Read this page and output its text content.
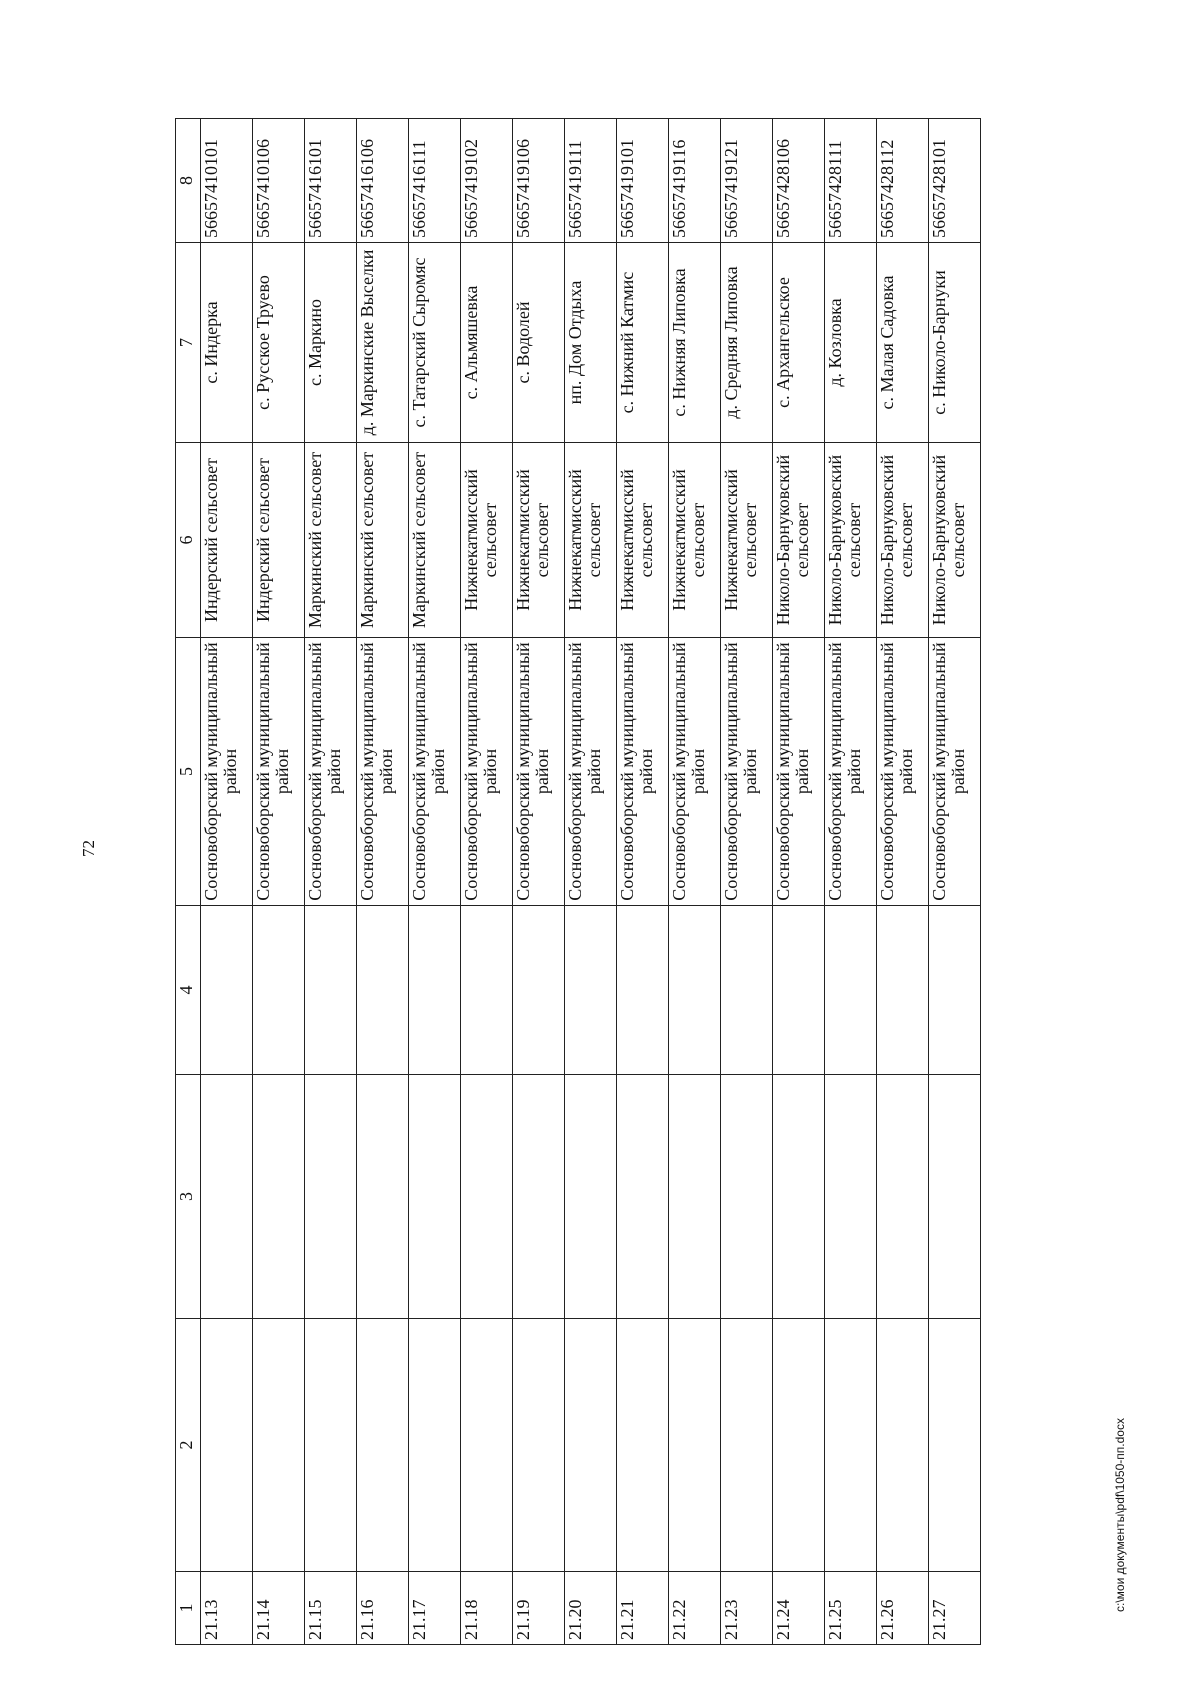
72
1	2	3	4	5	6	7	8
21.13				Сосновоборский муниципальный район	Индерский сельсовет	с. Индерка	56657410101
21.14				Сосновоборский муниципальный район	Индерский сельсовет	с. Русское Труево	56657410106
21.15				Сосновоборский муниципальный район	Маркинский сельсовет	с. Маркино	56657416101
21.16				Сосновоборский муниципальный район	Маркинский сельсовет	д. Маркинские Выселки	56657416106
21.17				Сосновоборский муниципальный район	Маркинский сельсовет	с. Татарский Сыромяс	56657416111
21.18				Сосновоборский муниципальный район	Нижнекатмисский сельсовет	с. Альмяшевка	56657419102
21.19				Сосновоборский муниципальный район	Нижнекатмисский сельсовет	с. Водолей	56657419106
21.20				Сосновоборский муниципальный район	Нижнекатмисский сельсовет	нп. Дом Отдыха	56657419111
21.21				Сосновоборский муниципальный район	Нижнекатмисский сельсовет	с. Нижний Катмис	56657419101
21.22				Сосновоборский муниципальный район	Нижнекатмисский сельсовет	с. Нижняя Липовка	56657419116
21.23				Сосновоборский муниципальный район	Нижнекатмисский сельсовет	д. Средняя Липовка	56657419121
21.24				Сосновоборский муниципальный район	Николо-Барнуковский сельсовет	с. Архангельское	56657428106
21.25				Сосновоборский муниципальный район	Николо-Барнуковский сельсовет	д. Козловка	56657428111
21.26				Сосновоборский муниципальный район	Николо-Барнуковский сельсовет	с. Малая Садовка	56657428112
21.27				Сосновоборский муниципальный район	Николо-Барнуковский сельсовет	с. Николо-Барнуки	56657428101
c:\мои документы\pdf\1050-пп.docx
